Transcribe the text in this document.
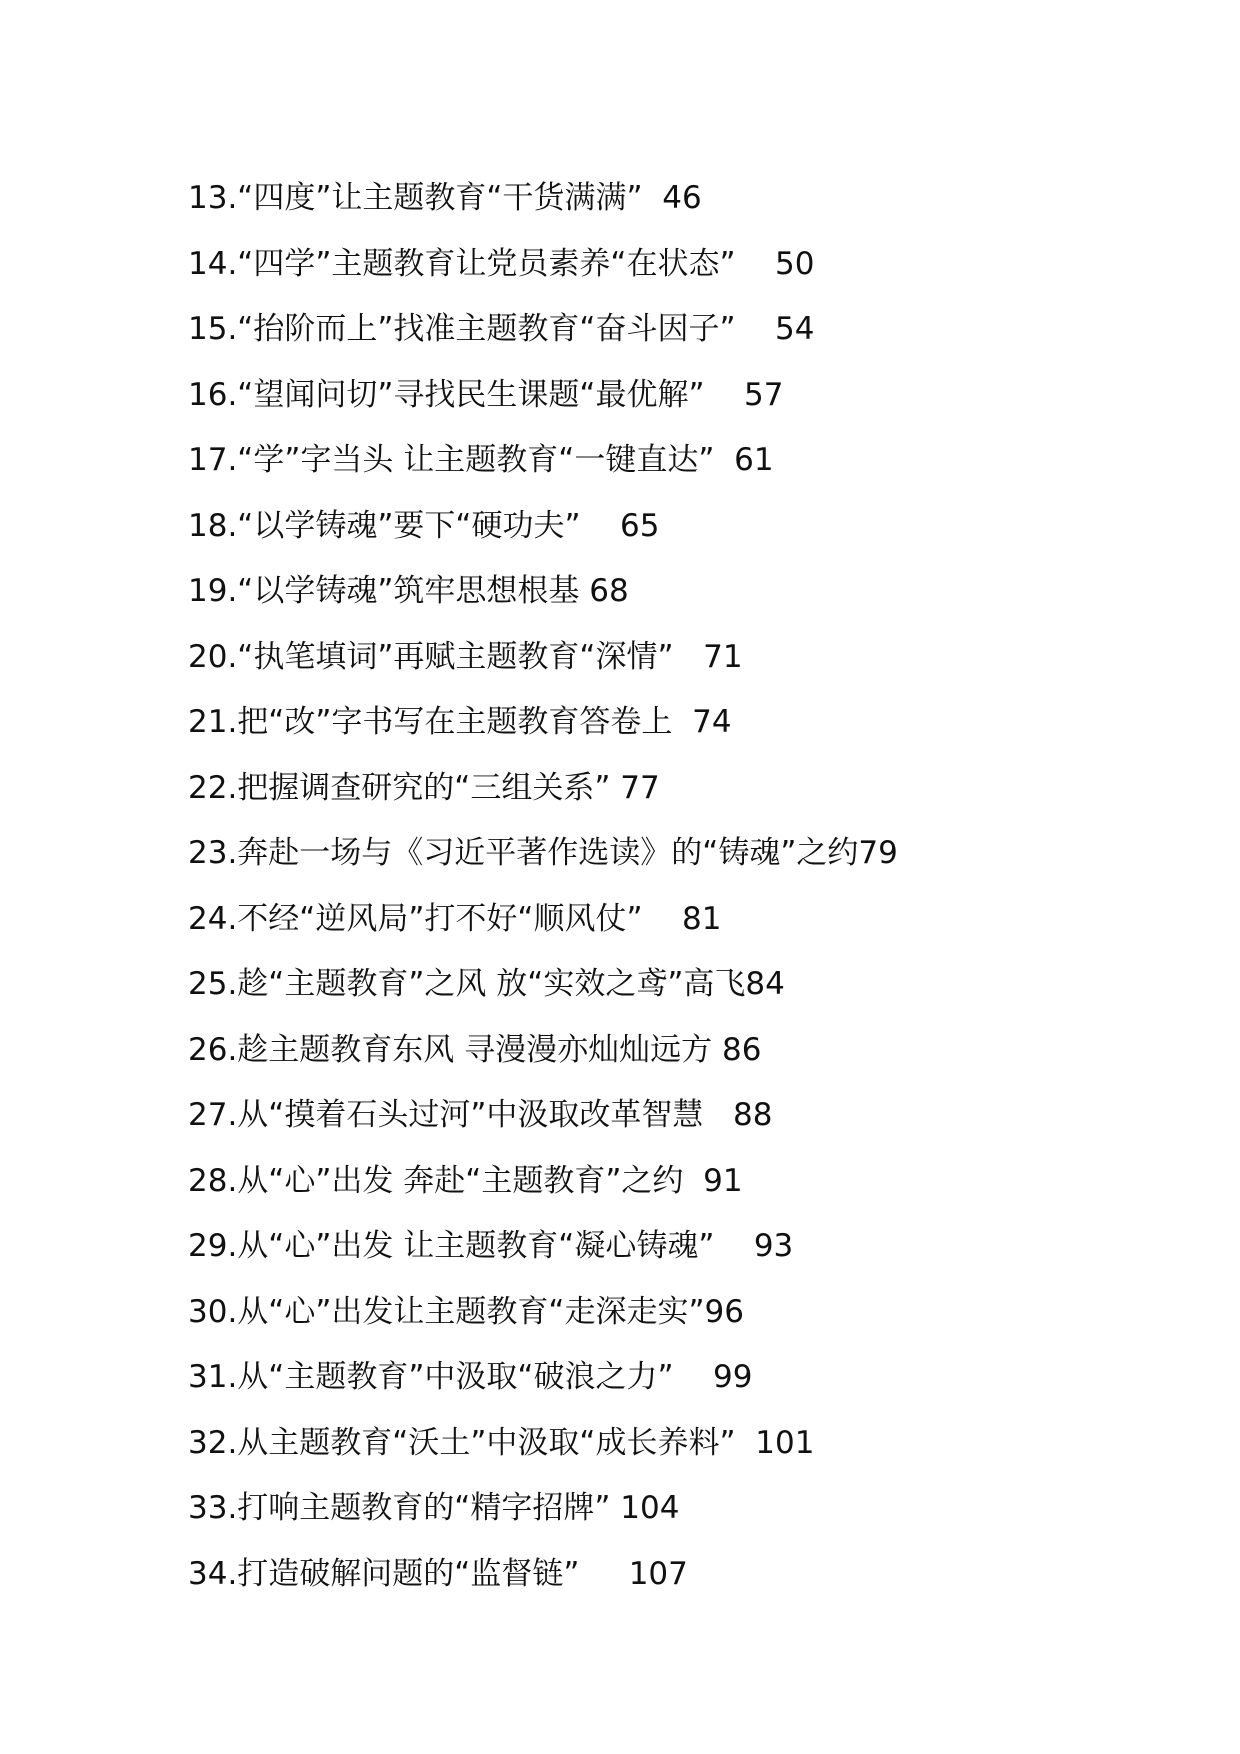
13.“四度”让主题教育“干货满满” 46
14.“四学”主题教育让党员素养“在状态” 50
15.“抬阶而上”找准主题教育“奋斗因子” 54
16.“望闻问切”寻找民生课题“最优解” 57
17.“学”字当头 让主题教育“一键直达” 61
18.“以学铸魂”要下“硬功夫” 65
19.“以学铸魂”筑牢思想根基 68
20.“执笔填词”再赋主题教育“深情” 71
21.把“改”字书写在主题教育答卷上 74
22.把握调查研究的“三组关系” 77
23.奔赴一场与《习近平著作选读》的“铸魂”之约79
24.不经“逆风局”打不好“顺风仗” 81
25.趁“主题教育”之风 放“实效之鸢”高飞84
26.趁主题教育东风 寻漫漫亦灿灿远方 86
27.从“摸着石头过河”中汲取改革智慧 88
28.从“心”出发 奔赴“主题教育”之约 91
29.从“心”出发 让主题教育“凝心铸魂” 93
30.从“心”出发让主题教育“走深走实”96
31.从“主题教育”中汲取“破浪之力” 99
32.从主题教育“沃土”中汲取“成长养料” 101
33.打响主题教育的“精字招牌” 104
34.打造破解问题的“监督链” 107
